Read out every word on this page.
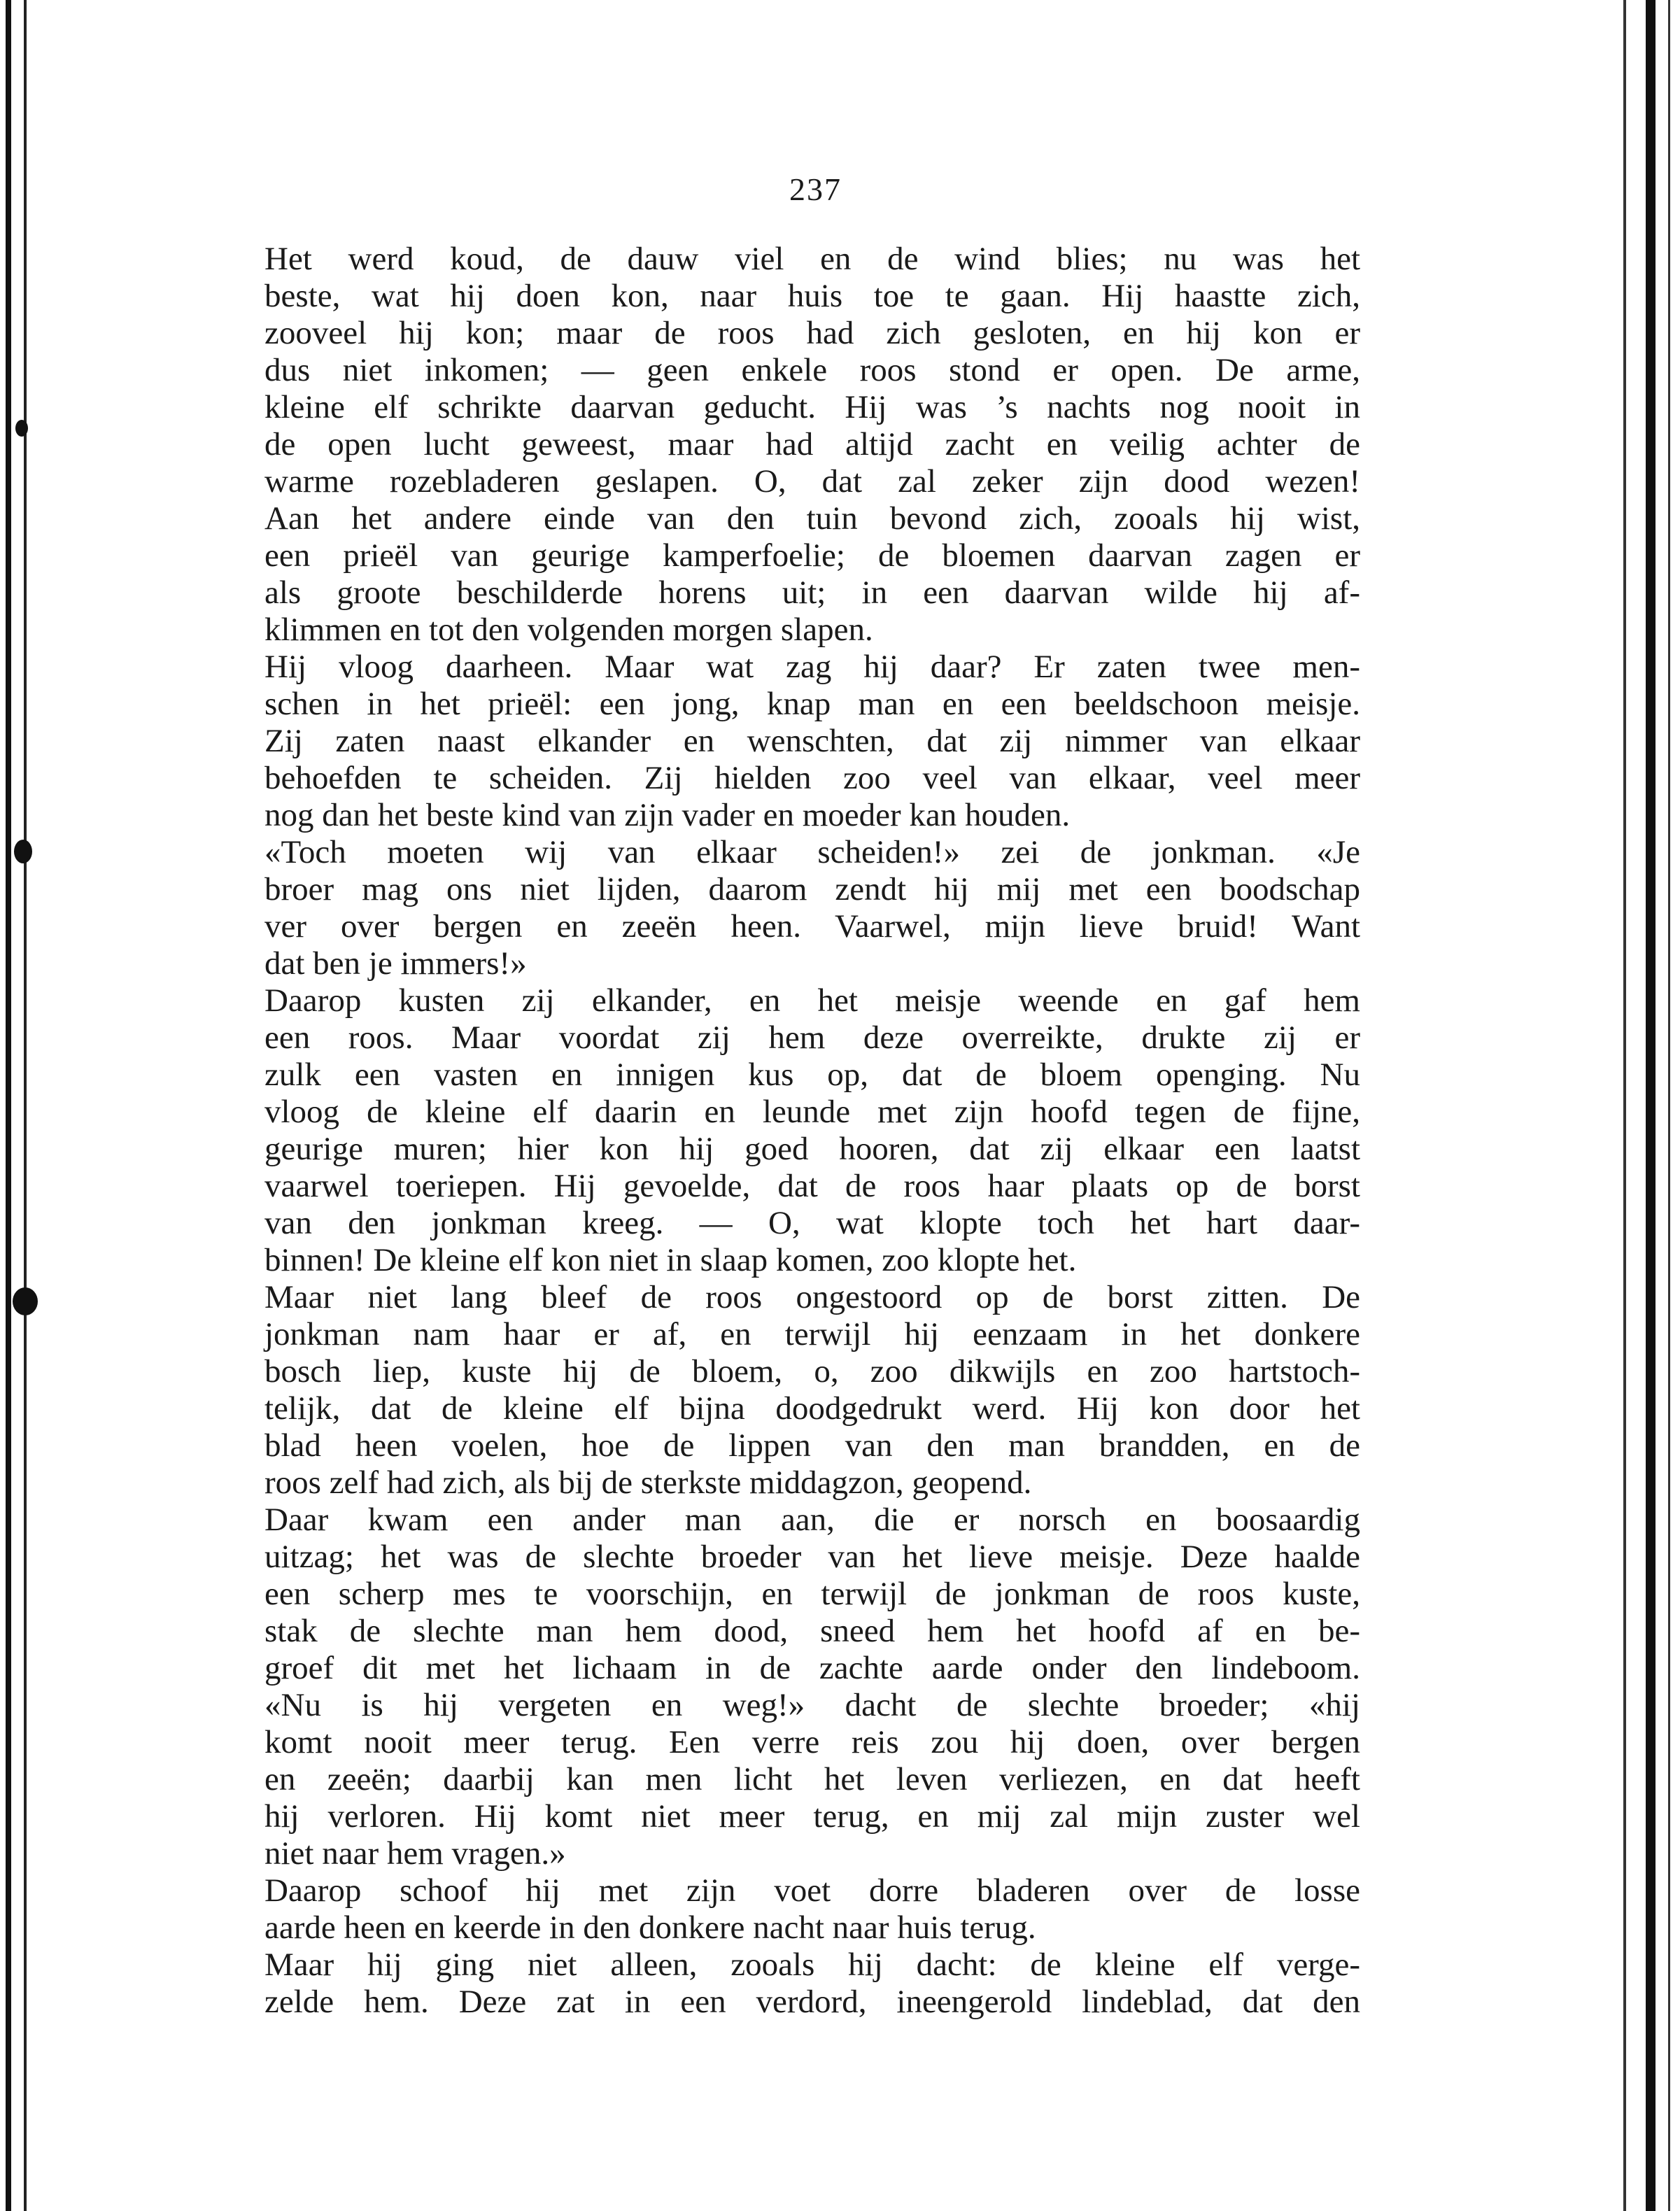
237
Het werd koud, de dauw viel en de wind blies; nu was het
beste, wat hij doen kon, naar huis toe te gaan. Hij haastte zich,
zooveel hij kon; maar de roos had zich gesloten, en hij kon er
dus niet inkomen; — geen enkele roos stond er open. De arme,
kleine elf schrikte daarvan geducht. Hij was ’s nachts nog nooit in
de open lucht geweest, maar had altijd zacht en veilig achter de
warme rozebladeren geslapen. O, dat zal zeker zijn dood wezen!
Aan het andere einde van den tuin bevond zich, zooals hij wist,
een prieël van geurige kamperfoelie; de bloemen daarvan zagen er
als groote beschilderde horens uit; in een daarvan wilde hij af-
klimmen en tot den volgenden morgen slapen.
Hij vloog daarheen. Maar wat zag hij daar? Er zaten twee men-
schen in het prieël: een jong, knap man en een beeldschoon meisje.
Zij zaten naast elkander en wenschten, dat zij nimmer van elkaar
behoefden te scheiden. Zij hielden zoo veel van elkaar, veel meer
nog dan het beste kind van zijn vader en moeder kan houden.
«Toch moeten wij van elkaar scheiden!» zei de jonkman. «Je
broer mag ons niet lijden, daarom zendt hij mij met een boodschap
ver over bergen en zeeën heen. Vaarwel, mijn lieve bruid! Want
dat ben je immers!»
Daarop kusten zij elkander, en het meisje weende en gaf hem
een roos. Maar voordat zij hem deze overreikte, drukte zij er
zulk een vasten en innigen kus op, dat de bloem openging. Nu
vloog de kleine elf daarin en leunde met zijn hoofd tegen de fijne,
geurige muren; hier kon hij goed hooren, dat zij elkaar een laatst
vaarwel toeriepen. Hij gevoelde, dat de roos haar plaats op de borst
van den jonkman kreeg. — O, wat klopte toch het hart daar-
binnen! De kleine elf kon niet in slaap komen, zoo klopte het.
Maar niet lang bleef de roos ongestoord op de borst zitten. De
jonkman nam haar er af, en terwijl hij eenzaam in het donkere
bosch liep, kuste hij de bloem, o, zoo dikwijls en zoo hartstoch-
telijk, dat de kleine elf bijna doodgedrukt werd. Hij kon door het
blad heen voelen, hoe de lippen van den man brandden, en de
roos zelf had zich, als bij de sterkste middagzon, geopend.
Daar kwam een ander man aan, die er norsch en boosaardig
uitzag; het was de slechte broeder van het lieve meisje. Deze haalde
een scherp mes te voorschijn, en terwijl de jonkman de roos kuste,
stak de slechte man hem dood, sneed hem het hoofd af en be-
groef dit met het lichaam in de zachte aarde onder den lindeboom.
«Nu is hij vergeten en weg!» dacht de slechte broeder; «hij
komt nooit meer terug. Een verre reis zou hij doen, over bergen
en zeeën; daarbij kan men licht het leven verliezen, en dat heeft
hij verloren. Hij komt niet meer terug, en mij zal mijn zuster wel
niet naar hem vragen.»
Daarop schoof hij met zijn voet dorre bladeren over de losse
aarde heen en keerde in den donkere nacht naar huis terug.
Maar hij ging niet alleen, zooals hij dacht: de kleine elf verge-
zelde hem. Deze zat in een verdord, ineengerold lindeblad, dat den
